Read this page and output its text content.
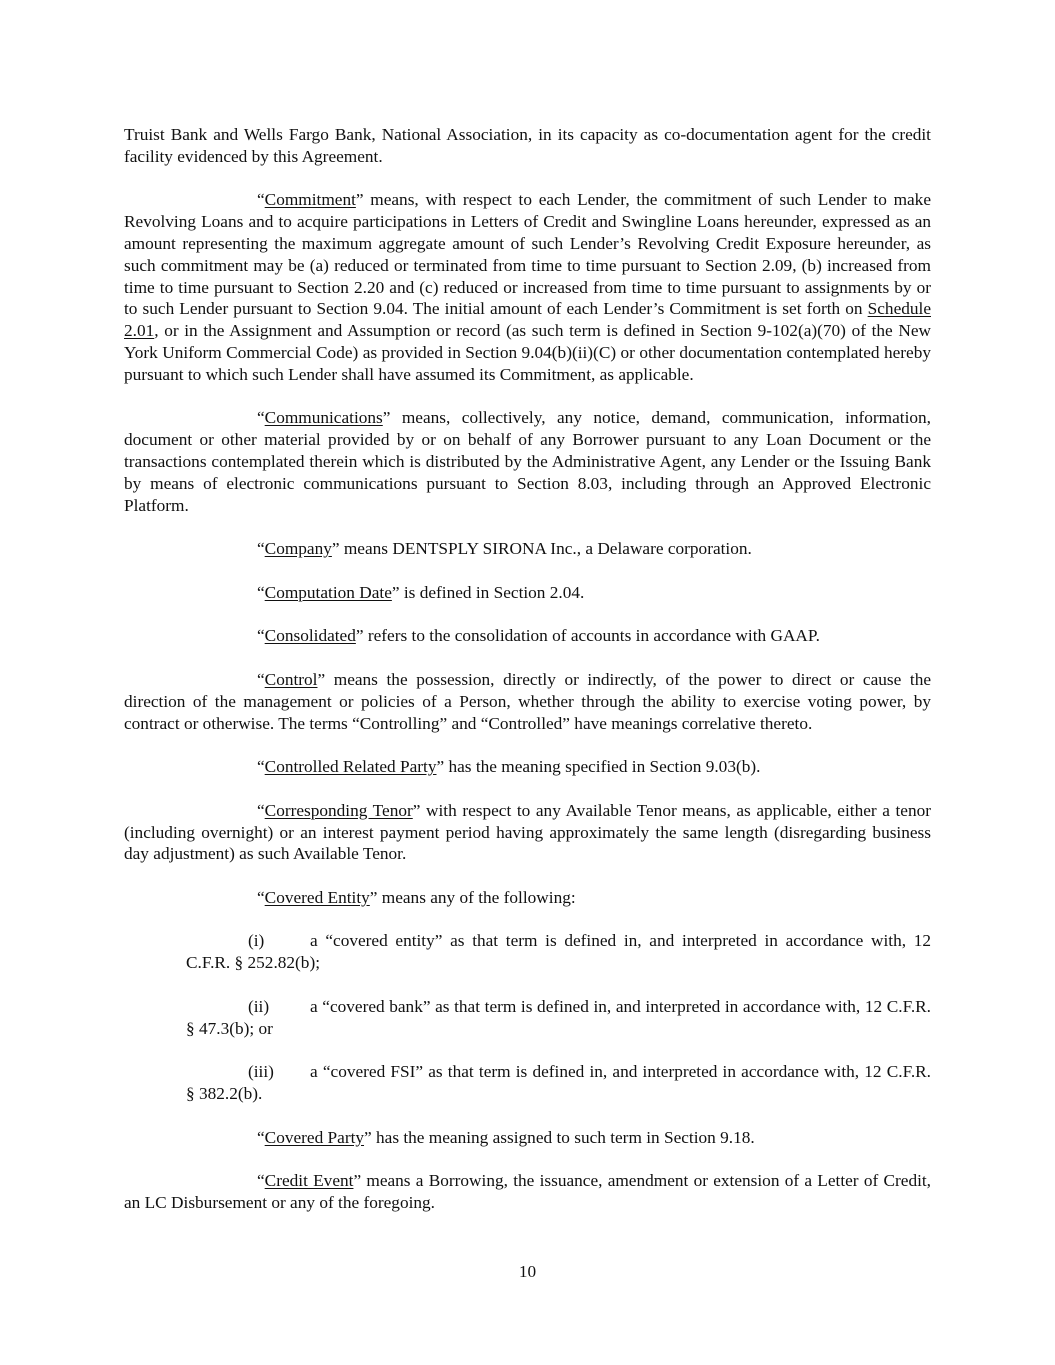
Truist Bank and Wells Fargo Bank, National Association, in its capacity as co-documentation agent for the credit facility evidenced by this Agreement.

“Commitment” means, with respect to each Lender, the commitment of such Lender to make Revolving Loans and to acquire participations in Letters of Credit and Swingline Loans hereunder, expressed as an amount representing the maximum aggregate amount of such Lender’s Revolving Credit Exposure hereunder, as such commitment may be (a) reduced or terminated from time to time pursuant to Section 2.09, (b) increased from time to time pursuant to Section 2.20 and (c) reduced or increased from time to time pursuant to assignments by or to such Lender pursuant to Section 9.04. The initial amount of each Lender’s Commitment is set forth on Schedule 2.01, or in the Assignment and Assumption or record (as such term is defined in Section 9-102(a)(70) of the New York Uniform Commercial Code) as provided in Section 9.04(b)(ii)(C) or other documentation contemplated hereby pursuant to which such Lender shall have assumed its Commitment, as applicable.

“Communications” means, collectively, any notice, demand, communication, information, document or other material provided by or on behalf of any Borrower pursuant to any Loan Document or the transactions contemplated therein which is distributed by the Administrative Agent, any Lender or the Issuing Bank by means of electronic communications pursuant to Section 8.03, including through an Approved Electronic Platform.

“Company” means DENTSPLY SIRONA Inc., a Delaware corporation.

“Computation Date” is defined in Section 2.04.

“Consolidated” refers to the consolidation of accounts in accordance with GAAP.

“Control” means the possession, directly or indirectly, of the power to direct or cause the direction of the management or policies of a Person, whether through the ability to exercise voting power, by contract or otherwise. The terms “Controlling” and “Controlled” have meanings correlative thereto.

“Controlled Related Party” has the meaning specified in Section 9.03(b).

“Corresponding Tenor” with respect to any Available Tenor means, as applicable, either a tenor (including overnight) or an interest payment period having approximately the same length (disregarding business day adjustment) as such Available Tenor.

“Covered Entity” means any of the following:

(i)	a “covered entity” as that term is defined in, and interpreted in accordance with, 12 C.F.R. § 252.82(b);

(ii) a “covered bank” as that term is defined in, and interpreted in accordance with, 12 C.F.R. § 47.3(b); or

(iii) a “covered FSI” as that term is defined in, and interpreted in accordance with, 12 C.F.R. § 382.2(b).

“Covered Party” has the meaning assigned to such term in Section 9.18.

“Credit Event” means a Borrowing, the issuance, amendment or extension of a Letter of Credit, an LC Disbursement or any of the foregoing.

10
